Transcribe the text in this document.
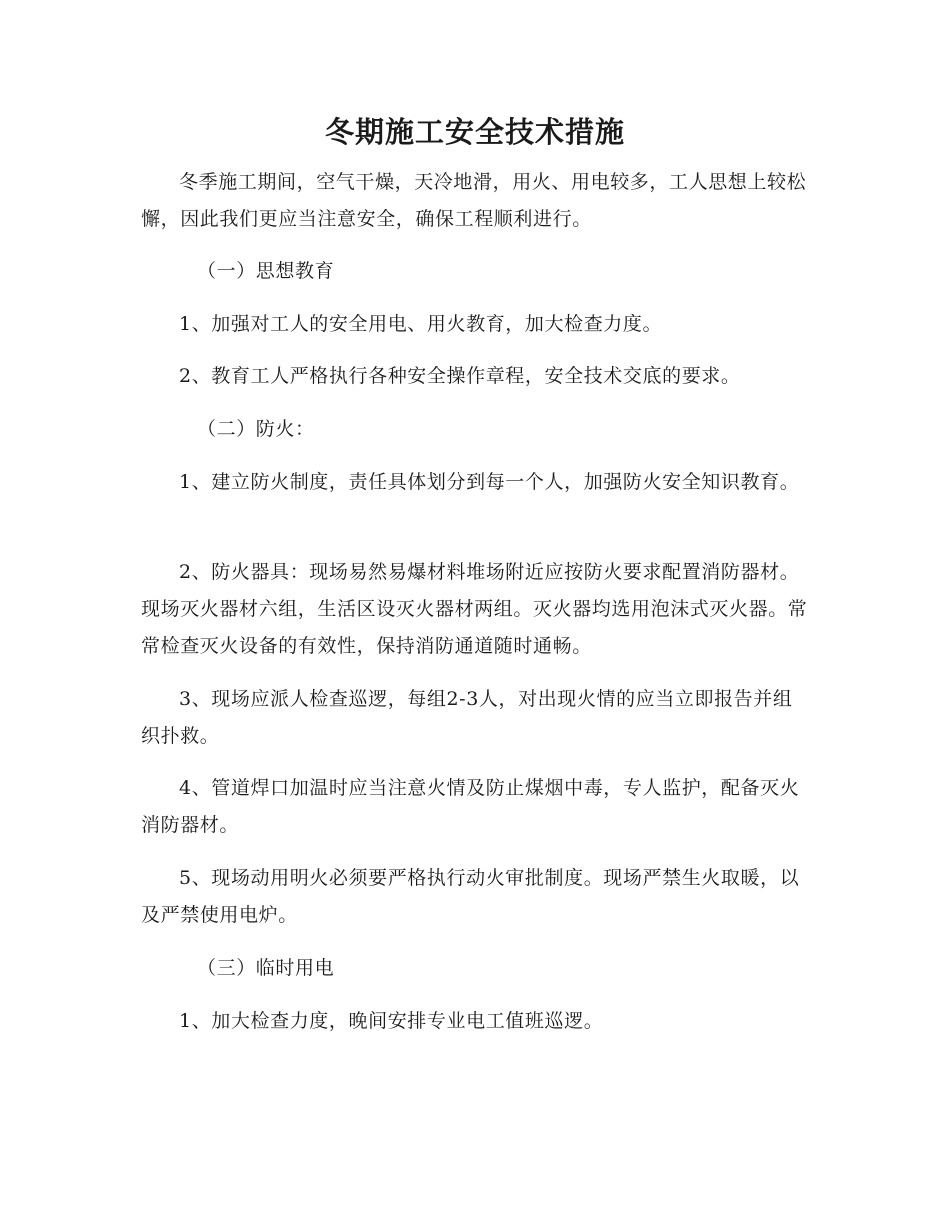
冬期施工安全技术措施

冬季施工期间，空气干燥，天冷地滑，用火、用电较多，工人思想上较松懈，因此我们更应当注意安全，确保工程顺利进行。

（一）思想教育

1、加强对工人的安全用电、用火教育，加大检查力度。

2、教育工人严格执行各种安全操作章程，安全技术交底的要求。

（二）防火：

1、建立防火制度，责任具体划分到每一个人，加强防火安全知识教育。

2、防火器具：现场易然易爆材料堆场附近应按防火要求配置消防器材。现场灭火器材六组，生活区设灭火器材两组。灭火器均选用泡沫式灭火器。常常检查灭火设备的有效性，保持消防通道随时通畅。

3、现场应派人检查巡逻，每组2-3人，对出现火情的应当立即报告并组织扑救。

4、管道焊口加温时应当注意火情及防止煤烟中毒，专人监护，配备灭火消防器材。

5、现场动用明火必须要严格执行动火审批制度。现场严禁生火取暖，以及严禁使用电炉。

（三）临时用电

1、加大检查力度，晚间安排专业电工值班巡逻。
